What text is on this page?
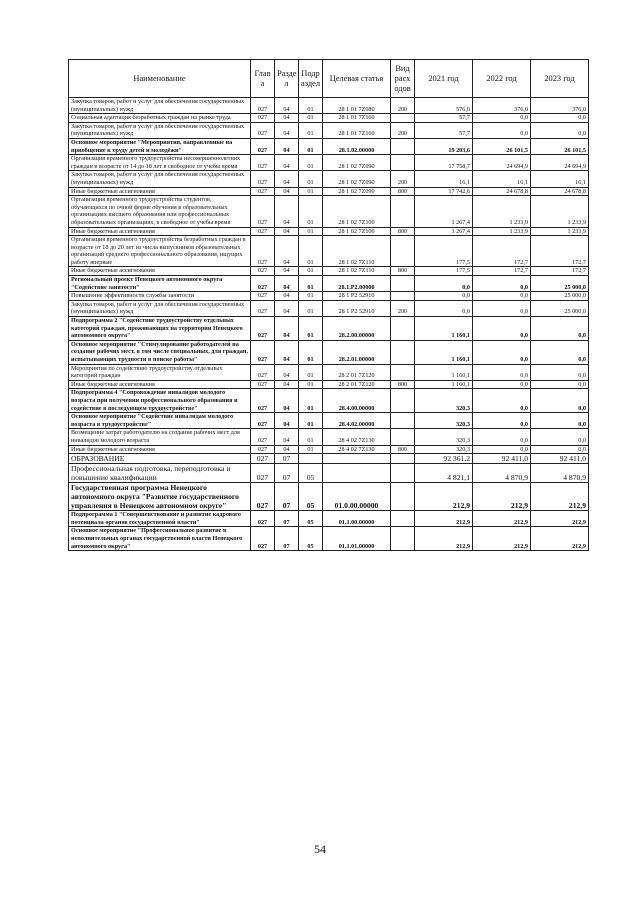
Наименование	Глав а	Разде л	Подр аздел	Целевая статья	Вид расх одов	2021 год	2022 год	2023 год
Закупка товаров, работ и услуг для обеспечения государственных (муниципальных) нужд	027	04	01	28 1 01 7Z080	200	576,0	376,0	376,0
Социальная адаптация безработных граждан на рынке труда	027	04	01	28 1 01 7Z160		57,7	0,0	0,0
Закупка товаров, работ и услуг для обеспечения государственных (муниципальных) нужд	027	04	01	28 1 01 7Z160	200	57,7	0,0	0,0
Основное мероприятие "Мероприятия, направленные на приобщение к труду детей и молодёжи"	027	04	01	28.1.02.00000		19 203,6	26 101,5	26 101,5
Организация временного трудоустройства несовершеннолетних граждан в возрасте от 14 до 18 лет в свободное от учебы время	027	04	01	28 1 02 7Z090		17 758,7	24 694,9	24 694,9
Закупка товаров, работ и услуг для обеспечения государственных (муниципальных) нужд	027	04	01	28 1 02 7Z090	200	16,1	16,1	16,1
Иные бюджетные ассигнования	027	04	01	28 1 02 7Z090	800	17 742,6	24 678,8	24 678,8
Организация временного трудоустройства студентов, обучающихся по очной форме обучения в образовательных организациях высшего образования или профессиональных образовательных организациях, в свободное от учебы время	027	04	01	28 1 02 7Z100		1 267,4	1 233,9	1 233,9
Иные бюджетные ассигнования	027	04	01	28 1 02 7Z100	800	1 267,4	1 233,9	1 233,9
Организация временного трудоустройства безработных граждан в возрасте от 18 до 20 лет из числа выпускников образовательных организаций среднего профессионального образования, ищущих работу впервые	027	04	01	28 1 02 7Z110		177,5	172,7	172,7
Иные бюджетные ассигнования	027	04	01	28 1 02 7Z110	800	177,5	172,7	172,7
Региональный проект Ненецкого автономного округа "Содействие занятости"	027	04	01	28.1.P2.00000		0,0	0,0	25 000,0
Повышение эффективности службы занятости	027	04	01	28 1 P2 52910		0,0	0,0	25 000,0
Закупка товаров, работ и услуг для обеспечения государственных (муниципальных) нужд	027	04	01	28 1 P2 52910	200	0,0	0,0	25 000,0
Подпрограмма 2 "Содействие трудоустройству отдельных категорий граждан, проживающих на территории Ненецкого автономного округа"	027	04	01	28.2.00.00000		1 160,1	0,0	0,0
Основное мероприятие "Стимулирование работодателей на создание рабочих мест, в том числе специальных, для граждан, испытывающих трудности в поиске работы"	027	04	01	28.2.01.00000		1 160,1	0,0	0,0
Мероприятия по содействию трудоустройству отдельных категорий граждан	027	04	01	28 2 01 7Z120		1 160,1	0,0	0,0
Иные бюджетные ассигнования	027	04	01	28 2 01 7Z120	800	1 160,1	0,0	0,0
Подпрограмма 4 "Сопровождение инвалидов молодого возраста при получении профессионального образования и содействие в последующем трудоустройстве"	027	04	01	28.4.00.00000		320,3	0,0	0,0
Основное мероприятие "Содействие инвалидам молодого возраста в трудоустройстве"	027	04	01	28.4.02.00000		320,3	0,0	0,0
Возмещение затрат работодателю на создание рабочих мест для инвалидов молодого возраста	027	04	01	28 4 02 7Z130		320,3	0,0	0,0
Иные бюджетные ассигнования	027	04	01	28 4 02 7Z130	800	320,3	0,0	0,0
ОБРАЗОВАНИЕ	027	07				92 361,2	92 411,0	92 411,0
Профессиональная подготовка, переподготовка и повышение квалификации	027	07	05			4 821,1	4 870,9	4 870,9
Государственная программа Ненецкого автономного округа "Развитие государственного управления в Ненецком автономном округе"	027	07	05	01.0.00.00000		212,9	212,9	212,9
Подпрограмма 1 "Совершенствование и развитие кадрового потенциала органов государственной власти"	027	07	05	01.1.00.00000		212,9	212,9	212,9
Основное мероприятие "Профессиональное развитие в исполнительных органах государственной власти Ненецкого автономного округа"	027	07	05	01.1.01.00000		212,9	212,9	212,9
54
